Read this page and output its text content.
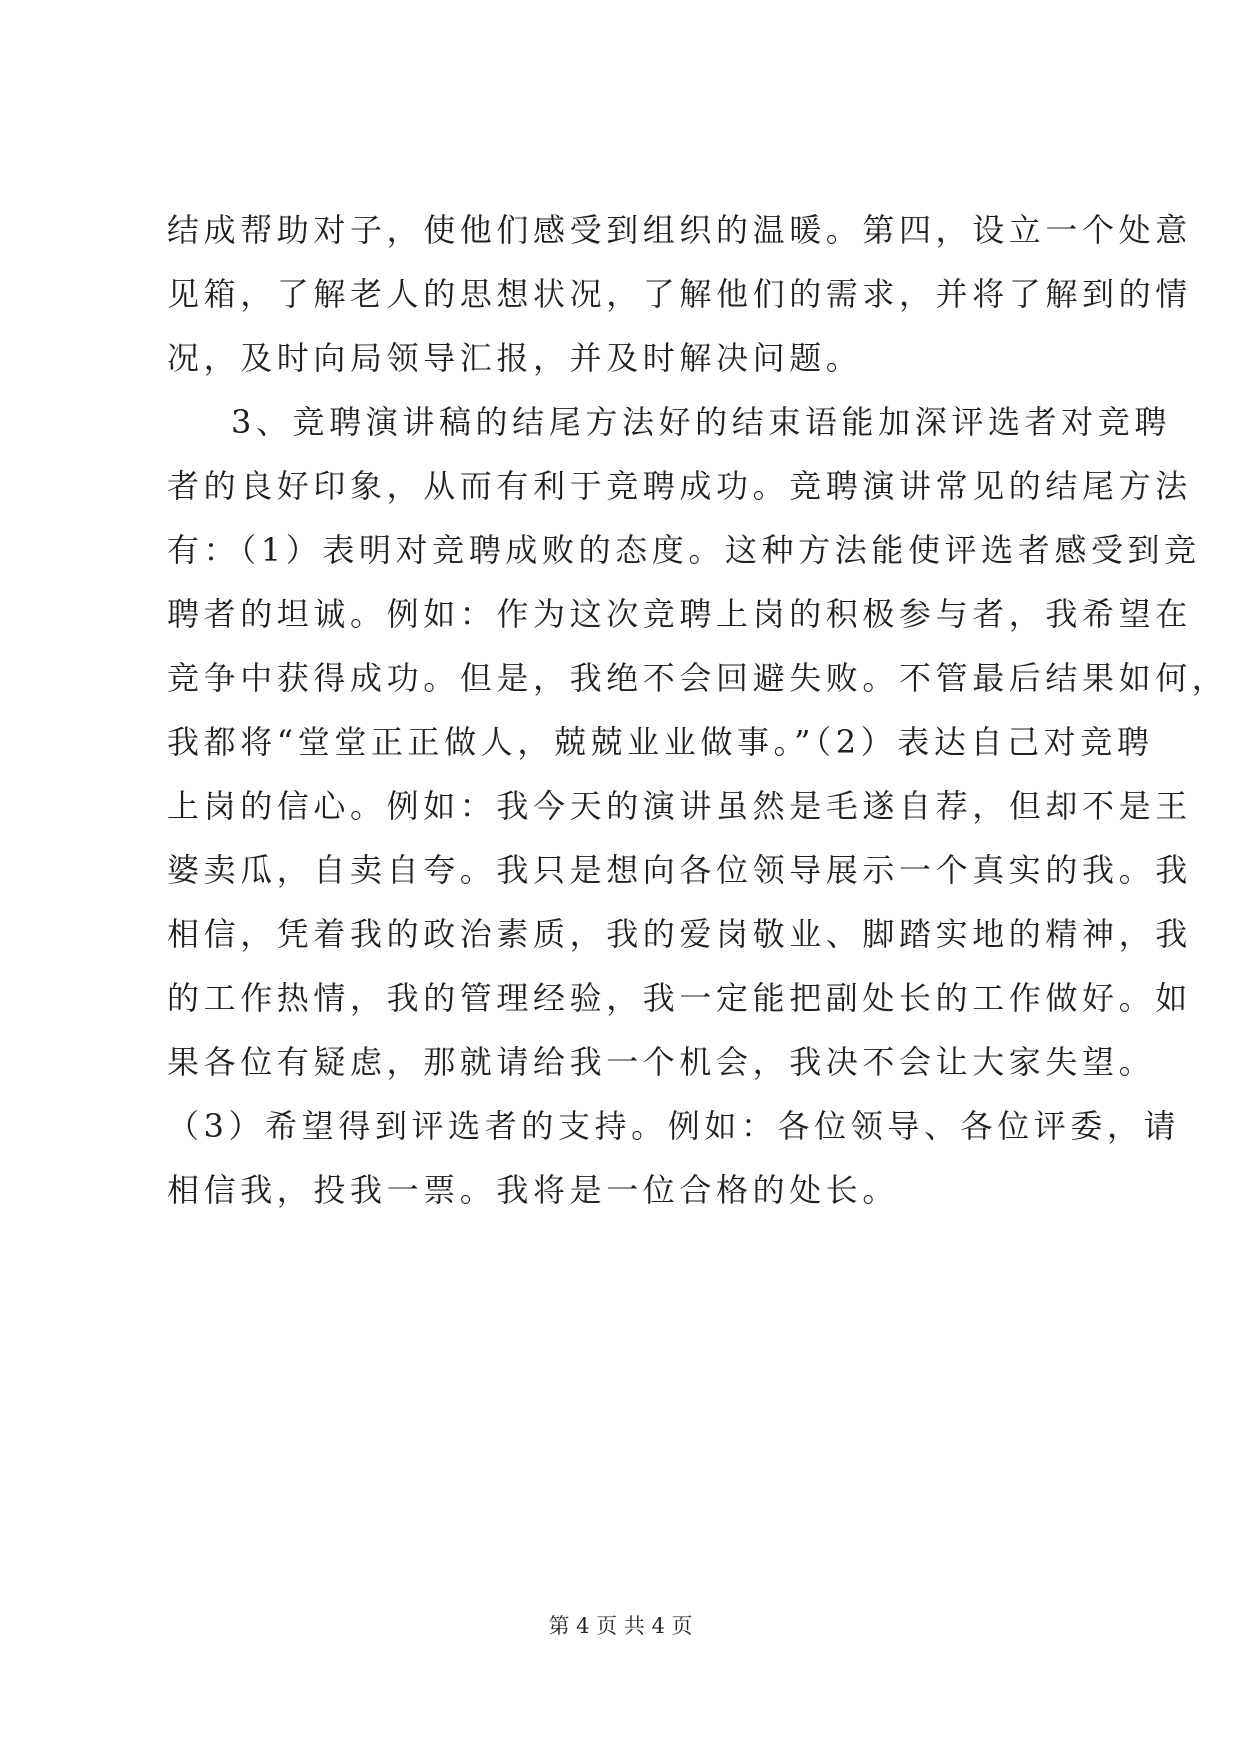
结成帮助对子，使他们感受到组织的温暖。第四，设立一个处意
见箱，了解老人的思想状况，了解他们的需求，并将了解到的情
况，及时向局领导汇报，并及时解决问题。
3、竞聘演讲稿的结尾方法好的结束语能加深评选者对竞聘
者的良好印象，从而有利于竞聘成功。竞聘演讲常见的结尾方法
有：（1）表明对竞聘成败的态度。这种方法能使评选者感受到竞
聘者的坦诚。例如：作为这次竞聘上岗的积极参与者，我希望在
竞争中获得成功。但是，我绝不会回避失败。不管最后结果如何，
我都将“堂堂正正做人，兢兢业业做事。”（2）表达自己对竞聘
上岗的信心。例如：我今天的演讲虽然是毛遂自荐，但却不是王
婆卖瓜，自卖自夸。我只是想向各位领导展示一个真实的我。我
相信，凭着我的政治素质，我的爱岗敬业、脚踏实地的精神，我
的工作热情，我的管理经验，我一定能把副处长的工作做好。如
果各位有疑虑，那就请给我一个机会，我决不会让大家失望。
（3）希望得到评选者的支持。例如：各位领导、各位评委，请
相信我，投我一票。我将是一位合格的处长。
第 4 页 共 4 页
